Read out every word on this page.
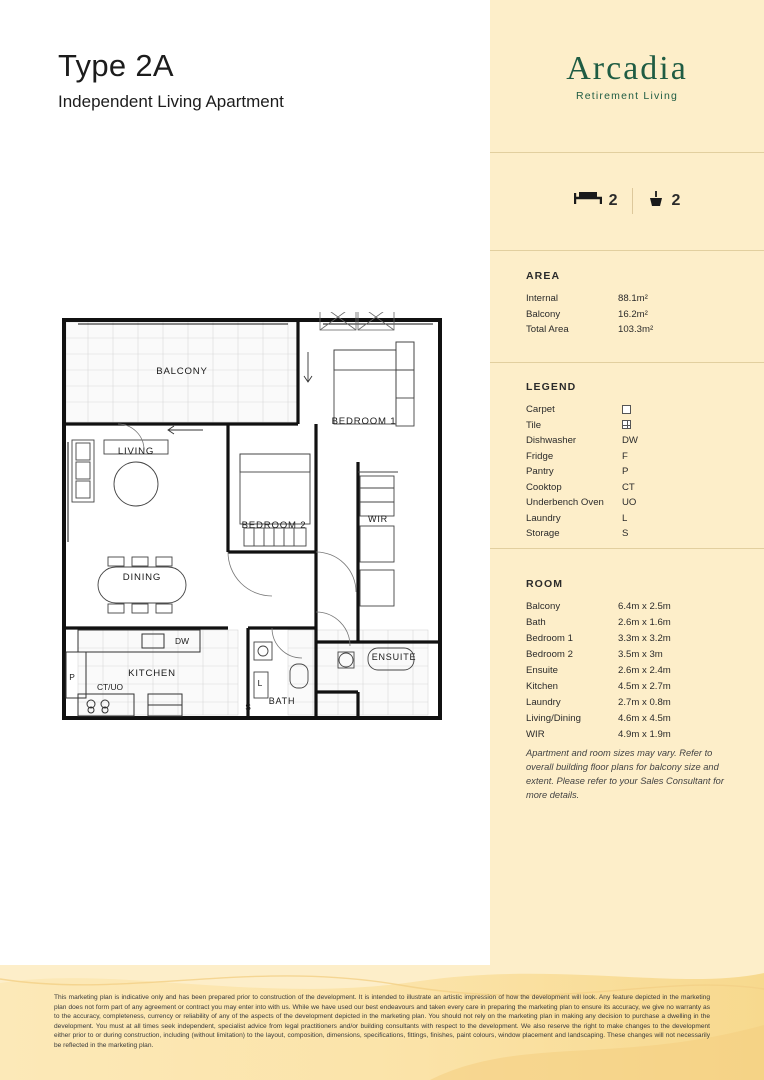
Type 2A
Independent Living Apartment
BALCONY
LIVING
DINING
KITCHEN
BEDROOM 1
BEDROOM 2
WIR
ENSUITE
BATH
DW
CT/UO
P
L
S
Arcadia
Retirement Living
2	2
AREA
Internal	88.1m²
Balcony	16.2m²
Total Area	103.3m²
LEGEND
Carpet
Tile
Dishwasher	DW
Fridge	F
Pantry	P
Cooktop	CT
Underbench Oven	UO
Laundry	L
Storage	S
ROOM
Balcony	6.4m x 2.5m
Bath	2.6m x 1.6m
Bedroom 1	3.3m x 3.2m
Bedroom 2	3.5m x 3m
Ensuite	2.6m x 2.4m
Kitchen	4.5m x 2.7m
Laundry	2.7m x 0.8m
Living/Dining	4.6m x 4.5m
WIR	4.9m x 1.9m
Apartment and room sizes may vary. Refer to overall building floor plans for balcony size and extent. Please refer to your Sales Consultant for more details.
This marketing plan is indicative only and has been prepared prior to construction of the development. It is intended to illustrate an artistic impression of how the development will look. Any feature depicted in the marketing plan does not form part of any agreement or contract you may enter into with us. While we have used our best endeavours and taken every care in preparing the marketing plan to ensure its accuracy, we give no warranty as to the accuracy, completeness, currency or reliability of any of the aspects of the development depicted in the marketing plan. You should not rely on the marketing plan in making any decision to purchase a dwelling in the development. You must at all times seek independent, specialist advice from legal practitioners and/or building consultants with respect to the development. We also reserve the right to make changes to the development either prior to or during construction, including (without limitation) to the layout, composition, dimensions, specifications, fittings, finishes, paint colours, window placement and landscaping. These changes will not necessarily be reflected in the marketing plan.
